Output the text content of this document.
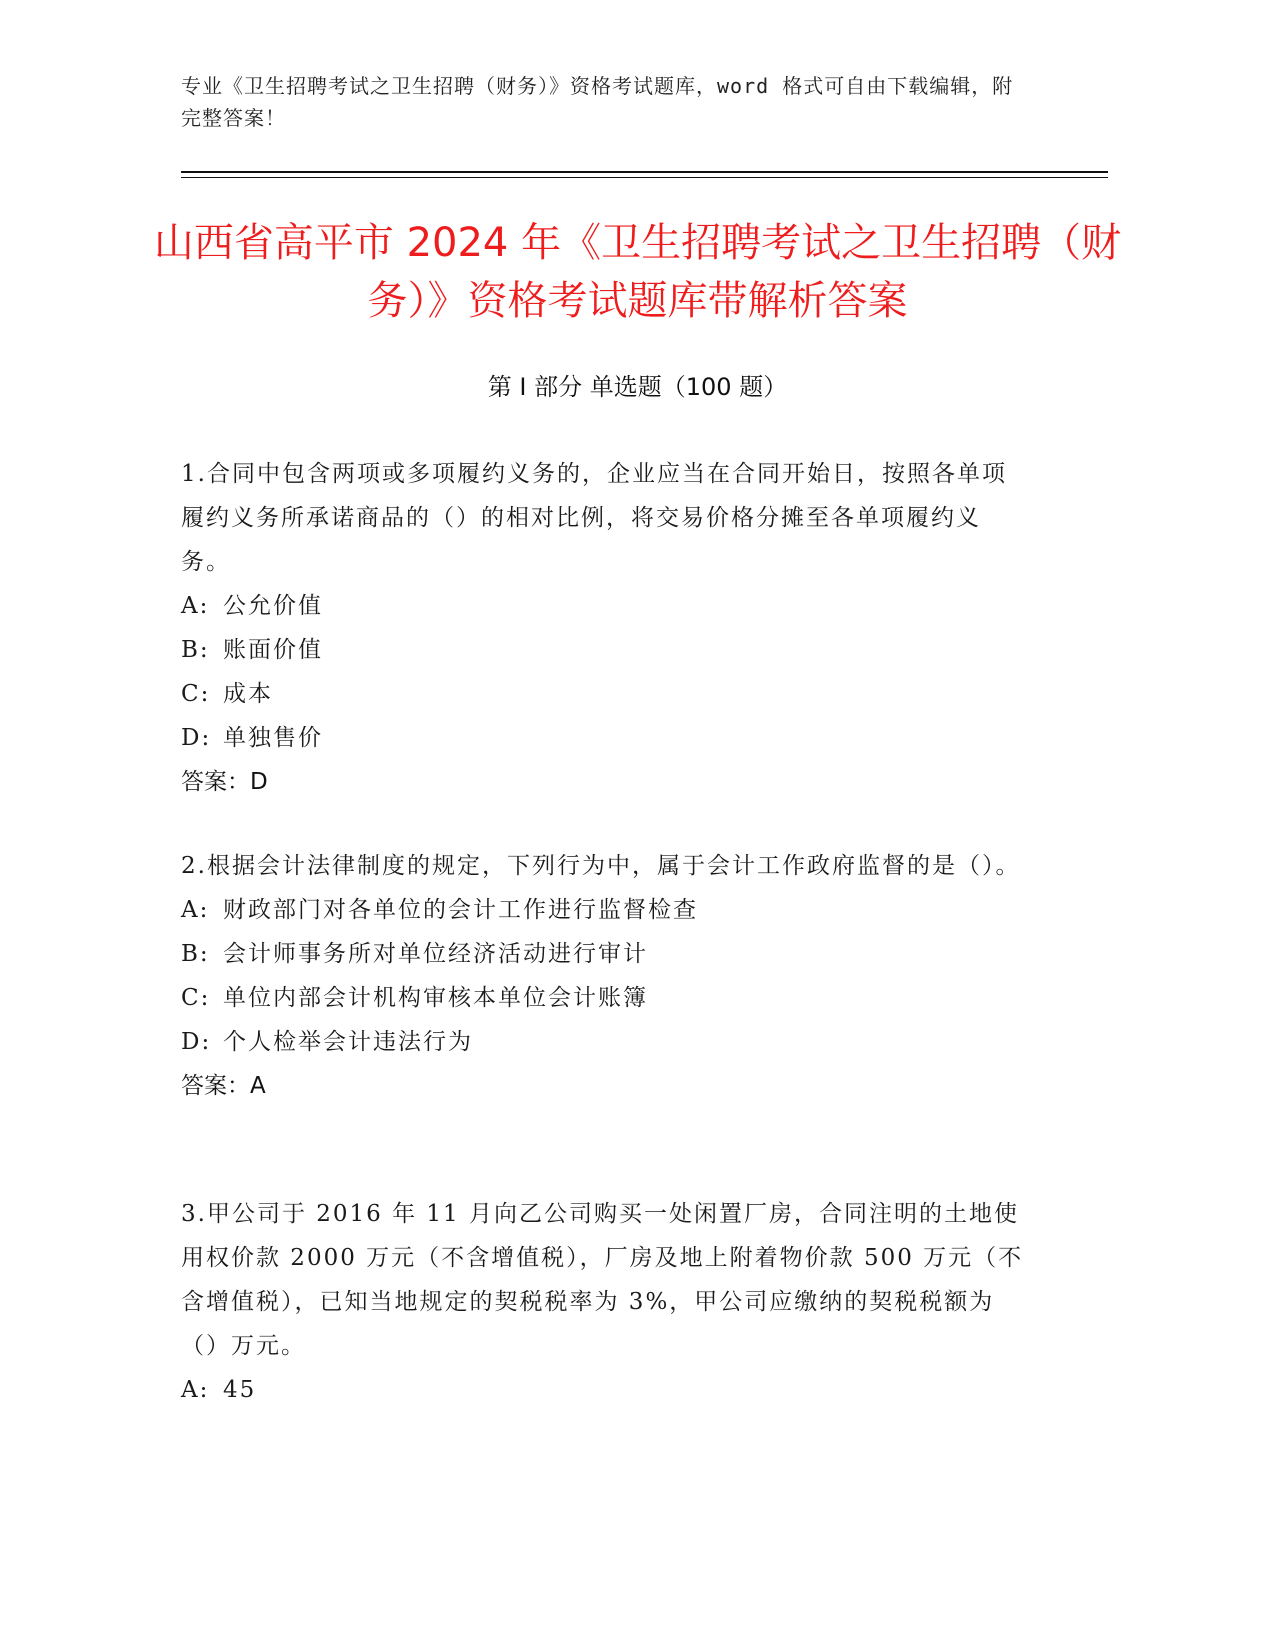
专业《卫生招聘考试之卫生招聘（财务）》资格考试题库，word 格式可自由下载编辑，附完整答案！
山西省高平市 2024 年《卫生招聘考试之卫生招聘（财务）》资格考试题库带解析答案
第 I 部分 单选题（100 题）

1.合同中包含两项或多项履约义务的，企业应当在合同开始日，按照各单项履约义务所承诺商品的（）的相对比例，将交易价格分摊至各单项履约义务。

A: 公允价值

B: 账面价值

C: 成本

D: 单独售价

答案：D

2.根据会计法律制度的规定，下列行为中，属于会计工作政府监督的是（）。

A: 财政部门对各单位的会计工作进行监督检查

B: 会计师事务所对单位经济活动进行审计

C: 单位内部会计机构审核本单位会计账簿

D: 个人检举会计违法行为

答案：A

3.甲公司于 2016 年 11 月向乙公司购买一处闲置厂房，合同注明的土地使用权价款 2000 万元（不含增值税），厂房及地上附着物价款 500 万元（不含增值税），已知当地规定的契税税率为 3%，甲公司应缴纳的契税税额为（）万元。

A: 45
